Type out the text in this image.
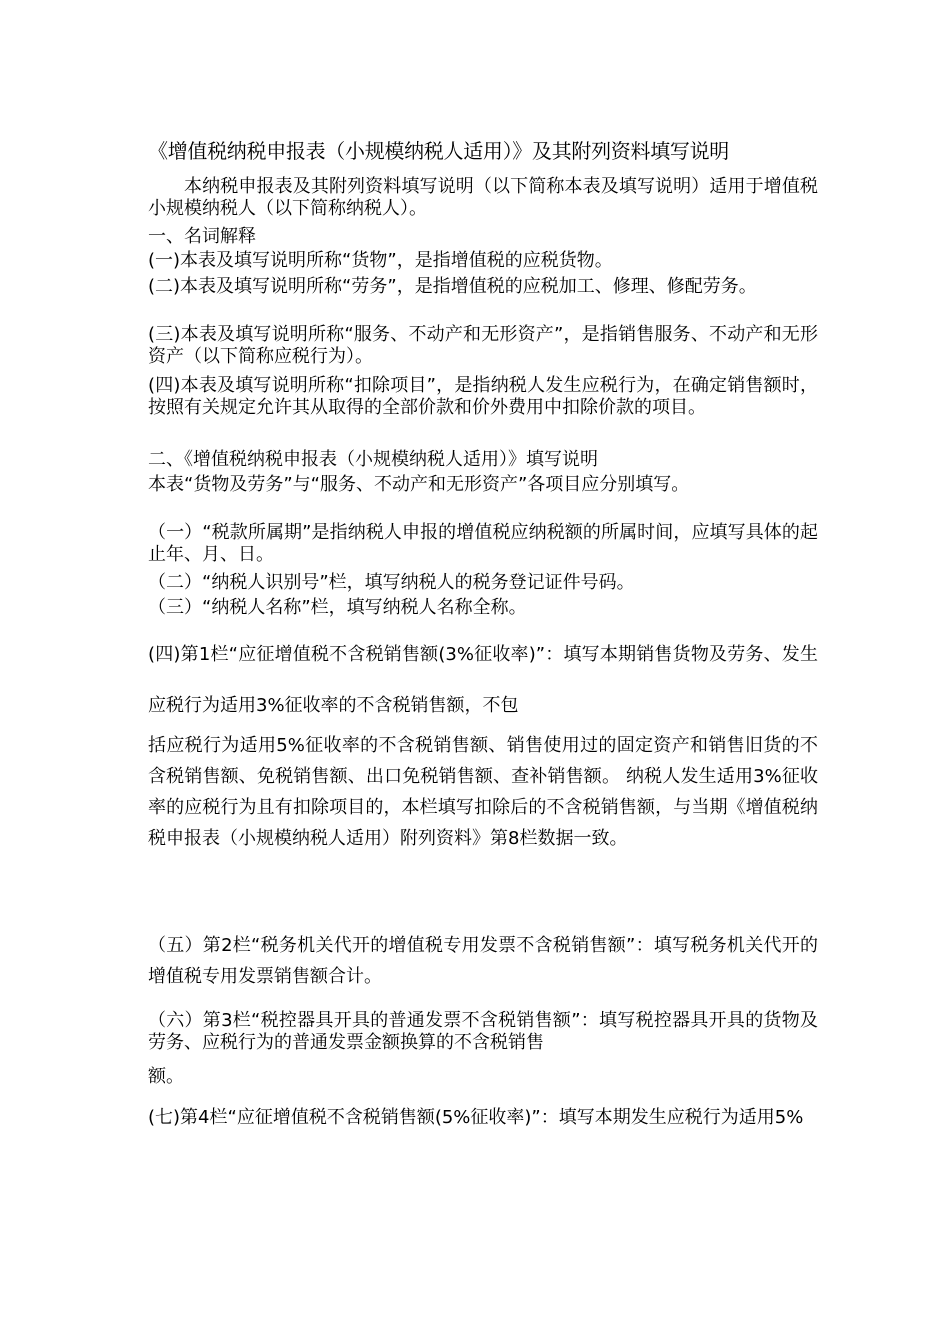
《增值税纳税申报表（小规模纳税人适用）》及其附列资料填写说明

本纳税申报表及其附列资料填写说明（以下简称本表及填写说明）适用于增值税小规模纳税人（以下简称纳税人）。

一、名词解释

(一)本表及填写说明所称“货物”，是指增值税的应税货物。

(二)本表及填写说明所称“劳务”，是指增值税的应税加工、修理、修配劳务。

(三)本表及填写说明所称“服务、不动产和无形资产”，是指销售服务、不动产和无形资产（以下简称应税行为）。

(四)本表及填写说明所称“扣除项目”，是指纳税人发生应税行为，在确定销售额时，按照有关规定允许其从取得的全部价款和价外费用中扣除价款的项目。

二、《增值税纳税申报表（小规模纳税人适用）》填写说明

本表“货物及劳务”与“服务、不动产和无形资产”各项目应分别填写。

（一）“税款所属期”是指纳税人申报的增值税应纳税额的所属时间，应填写具体的起止年、月、日。

（二）“纳税人识别号”栏，填写纳税人的税务登记证件号码。

（三）“纳税人名称”栏，填写纳税人名称全称。

(四)第1栏“应征增值税不含税销售额(3%征收率)”：填写本期销售货物及劳务、发生应税行为适用3%征收率的不含税销售额，不包

括应税行为适用5%征收率的不含税销售额、销售使用过的固定资产和销售旧货的不含税销售额、免税销售额、出口免税销售额、查补销售额。 纳税人发生适用3%征收率的应税行为且有扣除项目的，本栏填写扣除后的不含税销售额，与当期《增值税纳税申报表（小规模纳税人适用）附列资料》第8栏数据一致。

（五）第2栏“税务机关代开的增值税专用发票不含税销售额”：填写税务机关代开的增值税专用发票销售额合计。

（六）第3栏“税控器具开具的普通发票不含税销售额”：填写税控器具开具的货物及劳务、应税行为的普通发票金额换算的不含税销售

额。

(七)第4栏“应征增值税不含税销售额(5%征收率)”：填写本期发生应税行为适用5%
